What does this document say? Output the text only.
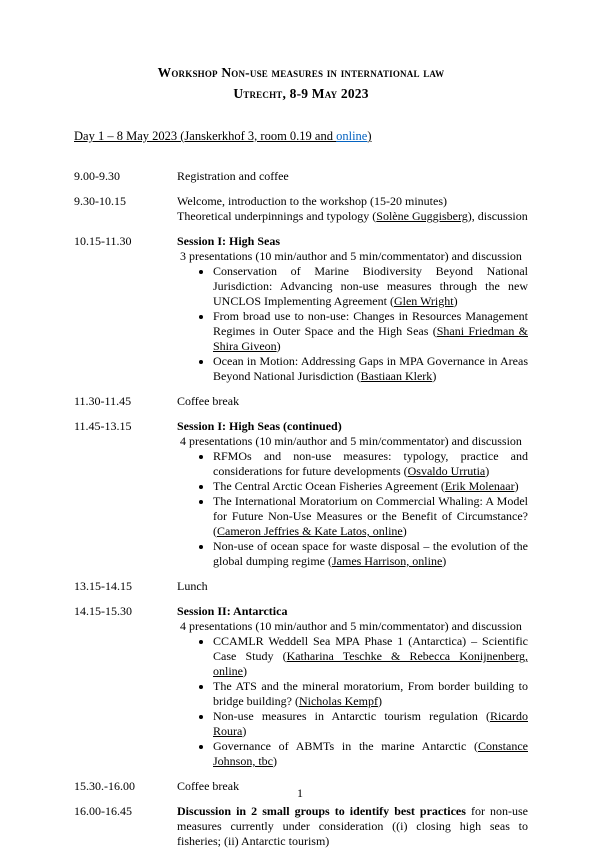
Workshop Non-use measures in international law
Utrecht, 8-9 May 2023
Day 1 – 8 May 2023 (Janskerkhof 3, room 0.19 and online)
9.00-9.30	Registration and coffee
9.30-10.15	Welcome, introduction to the workshop (15-20 minutes)
Theoretical underpinnings and typology (Solène Guggisberg), discussion
10.15-11.30	Session I: High Seas
3 presentations (10 min/author and 5 min/commentator) and discussion
• Conservation of Marine Biodiversity Beyond National Jurisdiction: Advancing non-use measures through the new UNCLOS Implementing Agreement (Glen Wright)
• From broad use to non-use: Changes in Resources Management Regimes in Outer Space and the High Seas (Shani Friedman & Shira Giveon)
• Ocean in Motion: Addressing Gaps in MPA Governance in Areas Beyond National Jurisdiction (Bastiaan Klerk)
11.30-11.45	Coffee break
11.45-13.15	Session I: High Seas (continued)
4 presentations (10 min/author and 5 min/commentator) and discussion
• RFMOs and non-use measures: typology, practice and considerations for future developments (Osvaldo Urrutia)
• The Central Arctic Ocean Fisheries Agreement (Erik Molenaar)
• The International Moratorium on Commercial Whaling: A Model for Future Non-Use Measures or the Benefit of Circumstance? (Cameron Jeffries & Kate Latos, online)
• Non-use of ocean space for waste disposal – the evolution of the global dumping regime (James Harrison, online)
13.15-14.15	Lunch
14.15-15.30	Session II: Antarctica
4 presentations (10 min/author and 5 min/commentator) and discussion
• CCAMLR Weddell Sea MPA Phase 1 (Antarctica) – Scientific Case Study (Katharina Teschke & Rebecca Konijnenberg, online)
• The ATS and the mineral moratorium, From border building to bridge building? (Nicholas Kempf)
• Non-use measures in Antarctic tourism regulation (Ricardo Roura)
• Governance of ABMTs in the marine Antarctic (Constance Johnson, tbc)
15.30.-16.00	Coffee break
16.00-16.45	Discussion in 2 small groups to identify best practices for non-use measures currently under consideration ((i) closing high seas to fisheries; (ii) Antarctic tourism)
1
